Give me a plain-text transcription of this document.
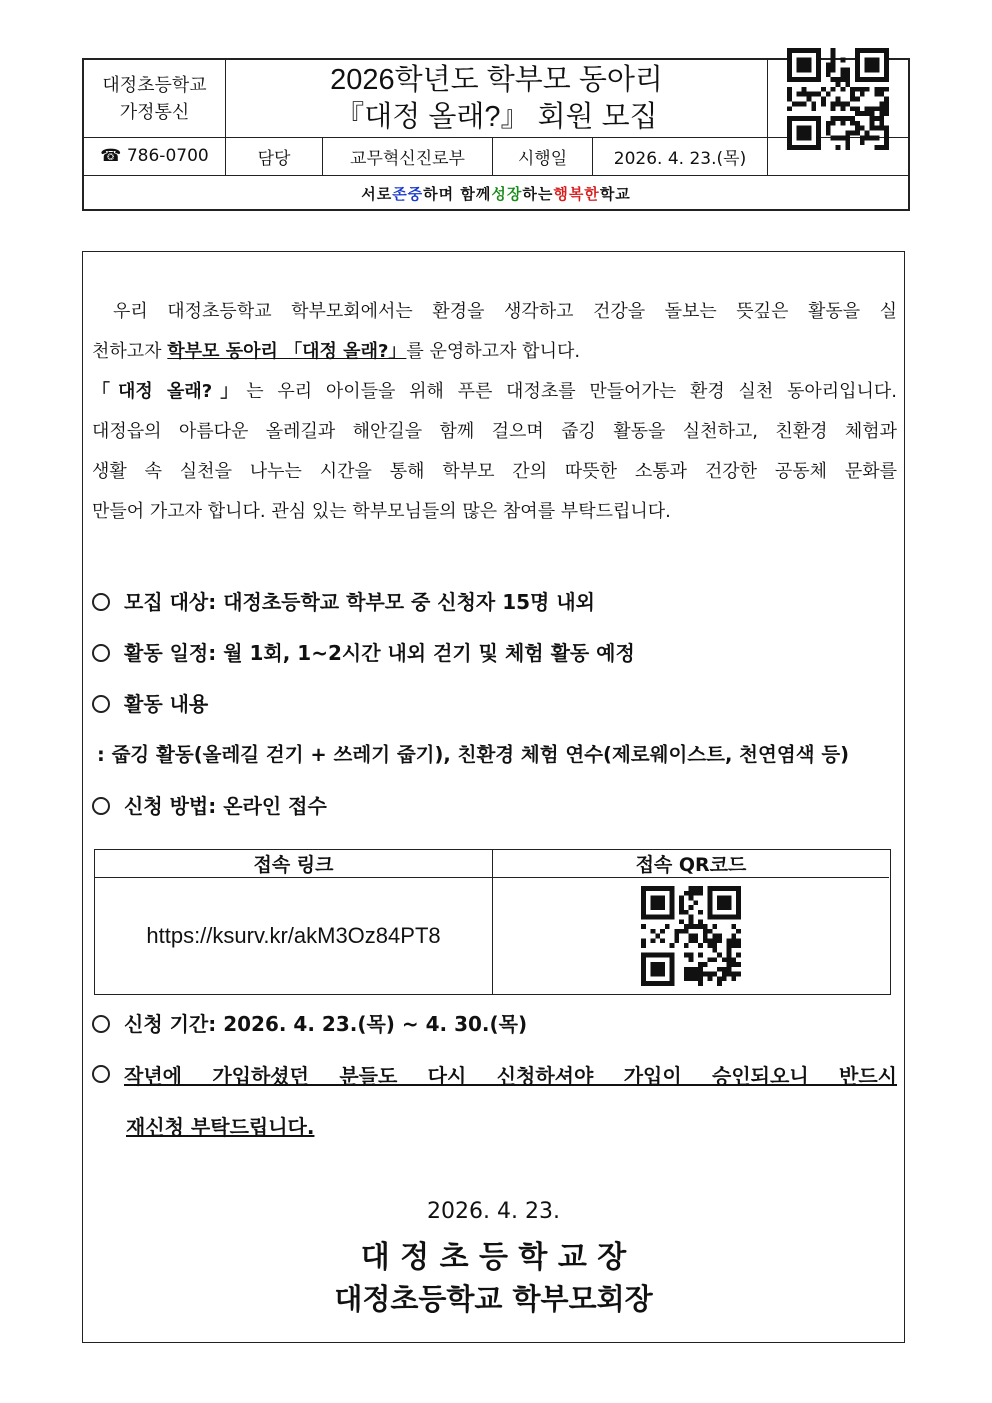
대정초등학교
가정통신
2026학년도 학부모 동아리
『대정 올래?』 회원 모집
☎ 786-0700	담당	교무혁신진로부	시행일	2026. 4. 23.(목)
서로 존중 하며 함께 성장 하는 행복한 학교
우리 대정초등학교 학부모회에서는 환경을 생각하고 건강을 돌보는 뜻깊은 활동을 실
천하고자 학부모 동아리 「대정 올래?」를 운영하고자 합니다.
「대정 올래?」는 우리 아이들을 위해 푸른 대정초를 만들어가는 환경 실천 동아리입니다.
대정읍의 아름다운 올레길과 해안길을 함께 걸으며 줍깅 활동을 실천하고, 친환경 체험과
생활 속 실천을 나누는 시간을 통해 학부모 간의 따뜻한 소통과 건강한 공동체 문화를
만들어 가고자 합니다. 관심 있는 학부모님들의 많은 참여를 부탁드립니다.
모집 대상: 대정초등학교 학부모 중 신청자 15명 내외
활동 일정: 월 1회, 1~2시간 내외 걷기 및 체험 활동 예정
활동 내용
: 줍깅 활동(올레길 걷기 + 쓰레기 줍기), 친환경 체험 연수(제로웨이스트, 천연염색 등)
신청 방법: 온라인 접수
접속 링크	접속 QR코드
https://ksurv.kr/akM3Oz84PT8
신청 기간: 2026. 4. 23.(목) ~ 4. 30.(목)
작년에 가입하셨던 분들도 다시 신청하셔야 가입이 승인되오니 반드시
재신청 부탁드립니다.
2026. 4. 23.
대 정 초 등 학 교 장
대정초등학교 학부모회장
